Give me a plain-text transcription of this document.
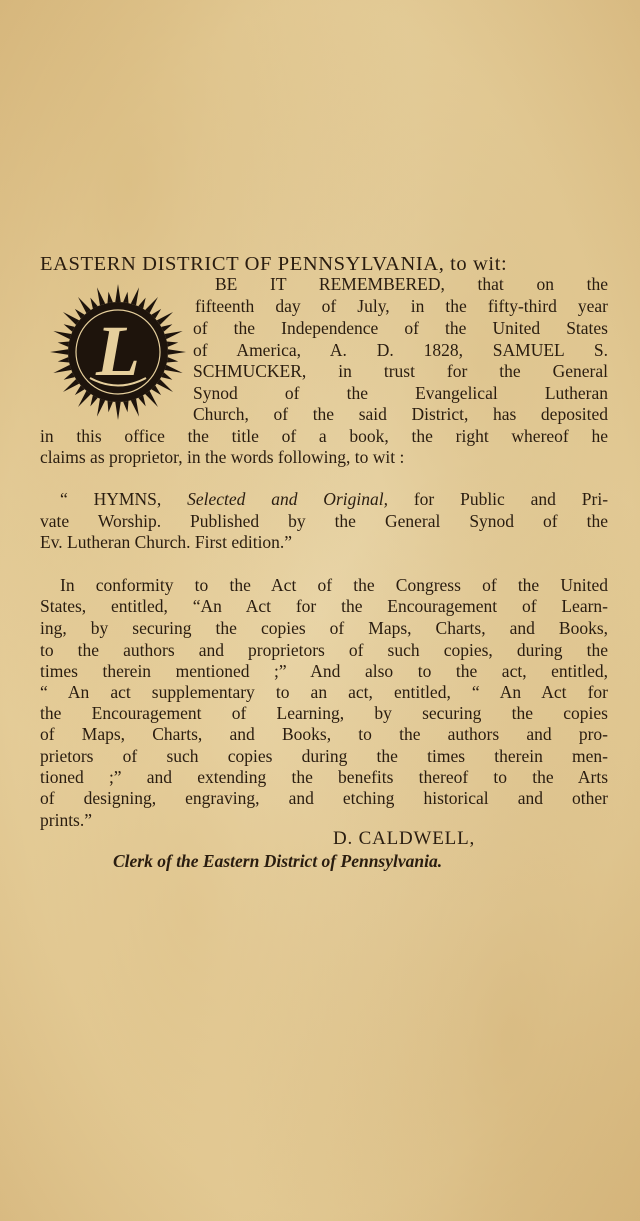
EASTERN DISTRICT OF PENNSYLVANIA, to wit:
L
BE IT REMEMBERED, that on the
fifteenth day of July, in the fifty-third year
of the Independence of the United States
of America, A. D. 1828, SAMUEL S.
SCHMUCKER, in trust for the General
Synod of the Evangelical Lutheran
Church, of the said District, has deposited
in this office the title of a book, the right whereof he
claims as proprietor, in the words following, to wit :
“ HYMNS, Selected and Original, for Public and Pri-
vate Worship. Published by the General Synod of the
Ev. Lutheran Church. First edition.”
In conformity to the Act of the Congress of the United
States, entitled, “An Act for the Encouragement of Learn-
ing, by securing the copies of Maps, Charts, and Books,
to the authors and proprietors of such copies, during the
times therein mentioned ;” And also to the act, entitled,
“ An act supplementary to an act, entitled, “ An Act for
the Encouragement of Learning, by securing the copies
of Maps, Charts, and Books, to the authors and pro-
prietors of such copies during the times therein men-
tioned ;” and extending the benefits thereof to the Arts
of designing, engraving, and etching historical and other
prints.”
D. CALDWELL,
Clerk of the Eastern District of Pennsylvania.
